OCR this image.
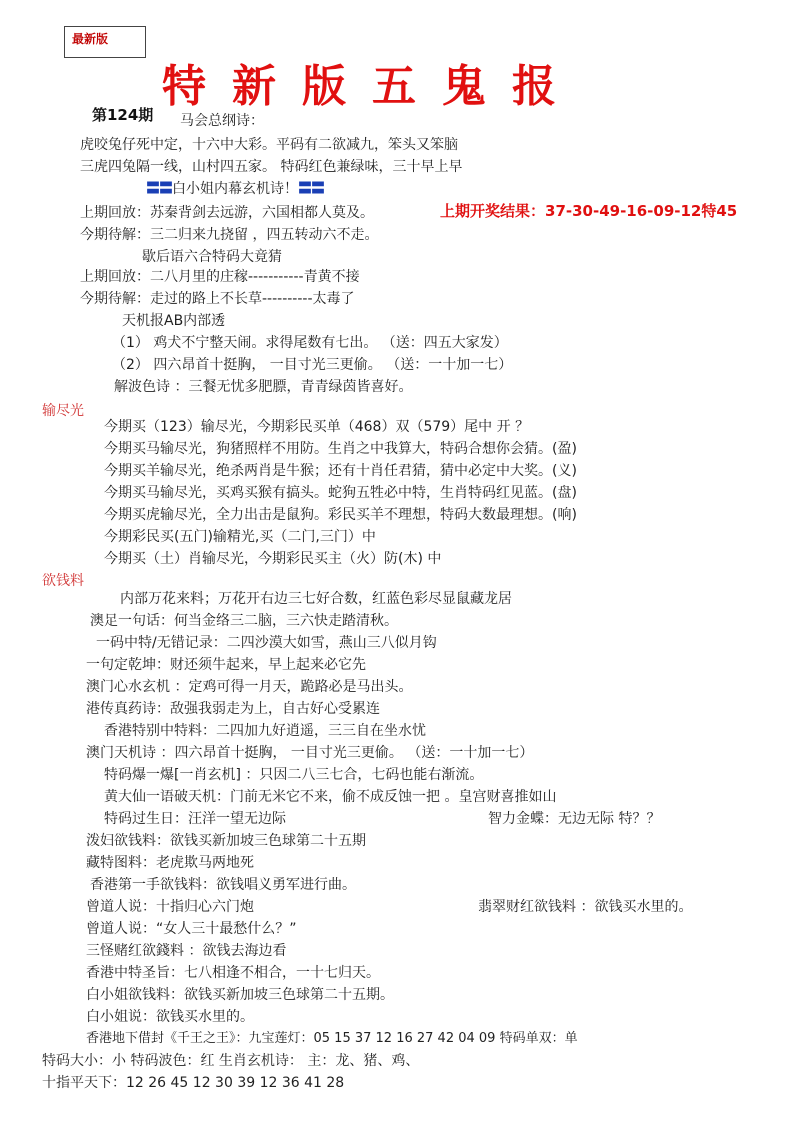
最新版
特新版五鬼报
第124期 马会总纲诗：
虎咬兔仔死中定，十六中大彩。平码有二欲减九，笨头又笨脑
三虎四兔隔一线，山村四五家。 特码红色兼绿味，三十早上早
〓〓白小姐内幕玄机诗！〓〓
上期回放：苏秦背剑去远游，六国相都人莫及。	上期开奖结果：37-30-49-16-09-12特45
今期待解：三二归来九挠留 ，四五转动六不走。
歇后语六合特码大竟猜
上期回放：二八月里的庄稼-----------青黄不接
今期待解：走过的路上不长草----------太毒了
天机报AB内部透
（1） 鸡犬不宁整天闹。求得尾数有七出。 （送：四五大家发）
（2） 四六昂首十挺胸， 一目寸光三更偷。 （送：一十加一七）
解波色诗 ：三餐无忧多肥膘，青青绿茵皆喜好。
输尽光
今期买（123）输尽光，今期彩民买单（468）双（579）尾中 开 ？
今期买马输尽光，狗猪照样不用防。生肖之中我算大，特码合想你会猜。(盈)
今期买羊输尽光，绝杀两肖是牛猴；还有十肖任君猜，猜中必定中大奖。(义)
今期买马输尽光，买鸡买猴有搞头。蛇狗五牲必中特，生肖特码红见蓝。(盘)
今期买虎输尽光，全力出击是鼠狗。彩民买羊不理想，特码大数最理想。(响)
今期彩民买(五门)输精光,买（二门,三门）中
今期买（土）肖输尽光，今期彩民买主（火）防(木) 中
欲钱料
内部万花来料；万花开右边三七好合数，红蓝色彩尽显鼠藏龙居
澳足一句话：何当金络三二脑，三六快走踏清秋。
一码中特/无错记录：二四沙漠大如雪，燕山三八似月钩
一句定乾坤：财还须牛起来，早上起来必它先
澳门心水玄机 ：定鸡可得一月天，跪路必是马出头。
港传真药诗：敌强我弱走为上，自古好心受累连
香港特别中特料：二四加九好逍遥，三三自在坐水忧
澳门天机诗 ：四六昂首十挺胸， 一目寸光三更偷。 （送：一十加一七）
特码爆一爆[一肖玄机] ：只因二八三七合，七码也能右渐流。
黄大仙一语破天机：门前无米它不来，偷不成反蚀一把 。皇宫财喜推如山
特码过生日：汪洋一望无边际	智力金蝶：无边无际 特？？
泼妇欲钱料：欲钱买新加坡三色球第二十五期
藏特图料：老虎欺马两地死
香港第一手欲钱料：欲钱唱义勇军进行曲。
曾道人说：十指归心六门炮	翡翠财红欲钱料 ：欲钱买水里的。
曾道人说：“女人三十最愁什么？”
三怪赌红欲錢料 ：欲钱去海边看
香港中特圣旨：七八相逢不相合，一十七归天。
白小姐欲钱料：欲钱买新加坡三色球第二十五期。
白小姐说：欲钱买水里的。
香港地下借封《千王之王》：九宝莲灯：05 15 37 12 16 27 42 04 09 特码单双：单
特码大小：小 特码波色：红 生肖玄机诗： 主：龙、猪、鸡、
十指平天下：12 26 45 12 30 39 12 36 41 28
